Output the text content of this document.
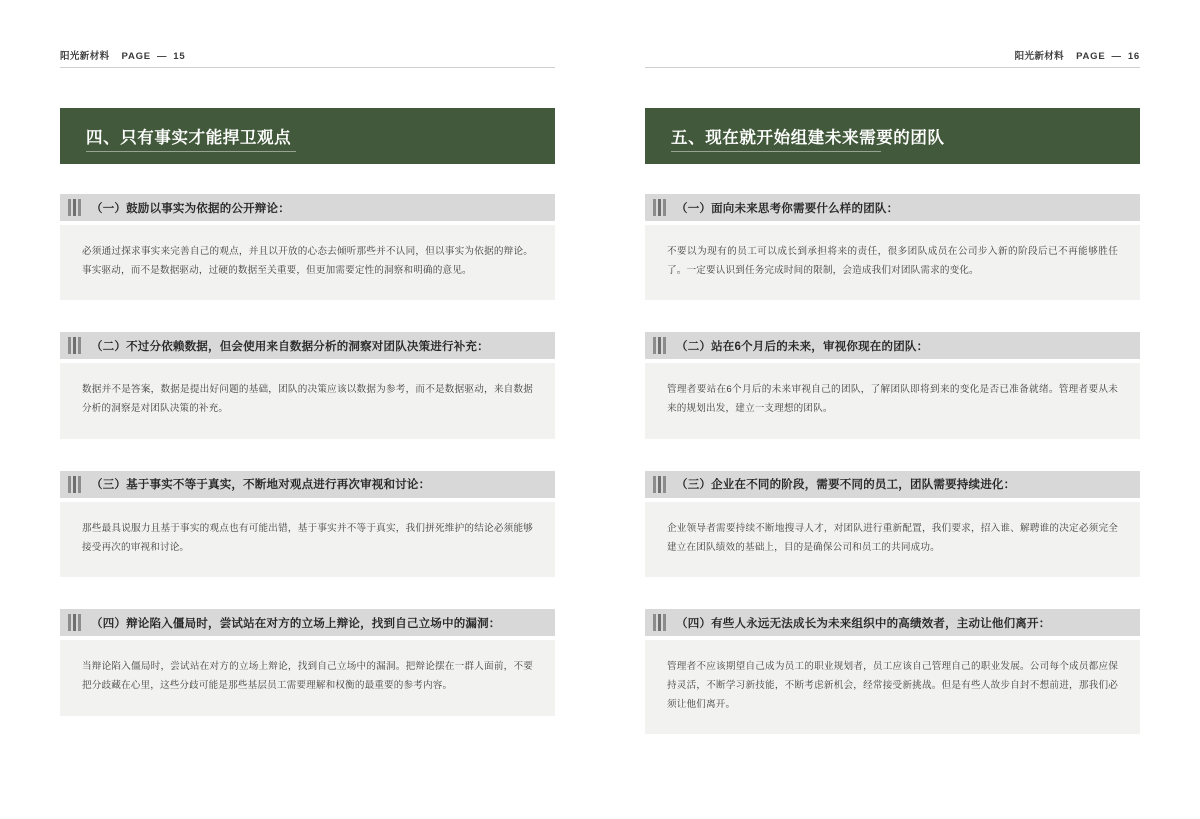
阳光新材料 PAGE — 15
四、只有事实才能捍卫观点
（一）鼓励以事实为依据的公开辩论：

必须通过探求事实来完善自己的观点，并且以开放的心态去倾听那些并不认同，但以事实为依据的辩论。事实驱动，而不是数据驱动，过硬的数据至关重要，但更加需要定性的洞察和明确的意见。

（二）不过分依赖数据，但会使用来自数据分析的洞察对团队决策进行补充：

数据并不是答案，数据是提出好问题的基础，团队的决策应该以数据为参考，而不是数据驱动，来自数据分析的洞察是对团队决策的补充。

（三）基于事实不等于真实，不断地对观点进行再次审视和讨论：

那些最具说服力且基于事实的观点也有可能出错，基于事实并不等于真实，我们拼死维护的结论必须能够接受再次的审视和讨论。

（四）辩论陷入僵局时，尝试站在对方的立场上辩论，找到自己立场中的漏洞：

当辩论陷入僵局时，尝试站在对方的立场上辩论，找到自己立场中的漏洞。把辩论摆在一群人面前，不要把分歧藏在心里，这些分歧可能是那些基层员工需要理解和权衡的最重要的参考内容。

阳光新材料 PAGE — 16
五、现在就开始组建未来需要的团队
（一）面向未来思考你需要什么样的团队：

不要以为现有的员工可以成长到承担将来的责任，很多团队成员在公司步入新的阶段后已不再能够胜任了。一定要认识到任务完成时间的限制，会造成我们对团队需求的变化。

（二）站在6个月后的未来，审视你现在的团队：

管理者要站在6个月后的未来审视自己的团队，了解团队即将到来的变化是否已准备就绪。管理者要从未来的规划出发，建立一支理想的团队。

（三）企业在不同的阶段，需要不同的员工，团队需要持续进化：

企业领导者需要持续不断地搜寻人才，对团队进行重新配置，我们要求，招入谁、解聘谁的决定必须完全建立在团队绩效的基础上，目的是确保公司和员工的共同成功。

（四）有些人永远无法成长为未来组织中的高绩效者，主动让他们离开：

管理者不应该期望自己成为员工的职业规划者，员工应该自己管理自己的职业发展。公司每个成员都应保持灵活，不断学习新技能，不断考虑新机会，经常接受新挑战。但是有些人故步自封不想前进，那我们必须让他们离开。
